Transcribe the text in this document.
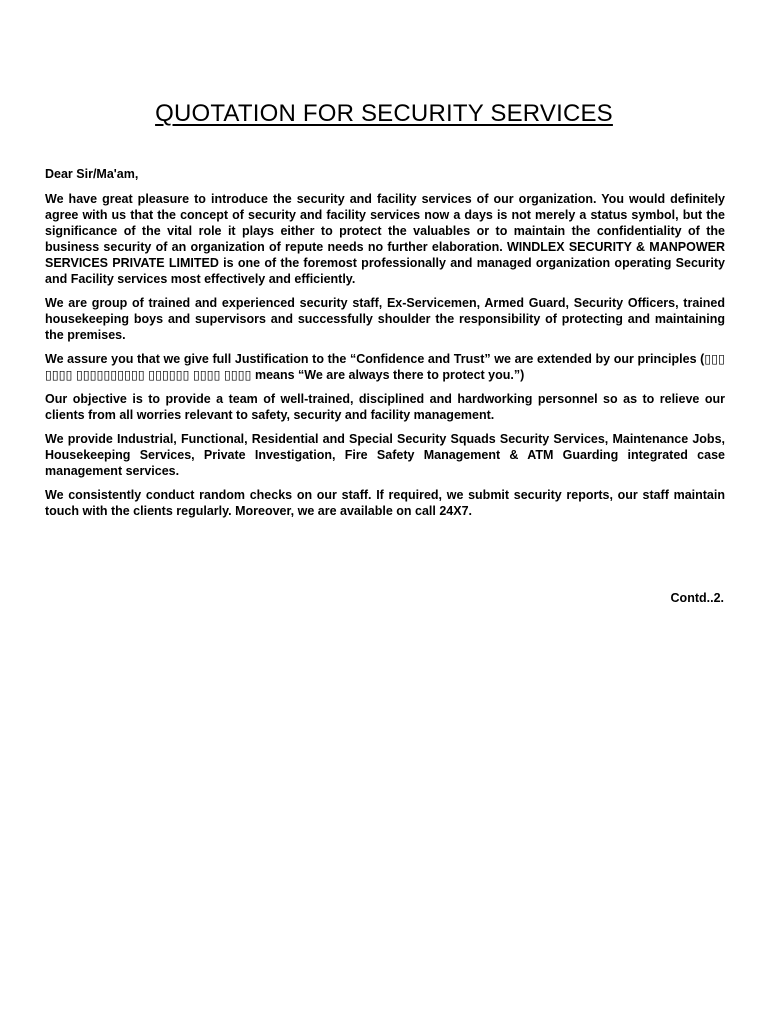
QUOTATION FOR SECURITY SERVICES

Dear Sir/Ma'am,

We have great pleasure to introduce the security and facility services of our organization. You would definitely agree with us that the concept of security and facility services now a days is not merely a status symbol, but the significance of the vital role it plays either to protect the valuables or to maintain the confidentiality of the business security of an organization of repute needs no further elaboration. WINDLEX SECURITY & MANPOWER SERVICES PRIVATE LIMITED is one of the foremost professionally and managed organization operating Security and Facility services most effectively and efficiently.

We are group of trained and experienced security staff, Ex-Servicemen, Armed Guard, Security Officers, trained housekeeping boys and supervisors and successfully shoulder the responsibility of protecting and maintaining the premises.

We assure you that we give full Justification to the “Confidence and Trust” we are extended by our principles (▯▯▯ ▯▯▯▯ ▯▯▯▯▯▯▯▯▯▯ ▯▯▯▯▯▯ ▯▯▯▯ ▯▯▯▯ means “We are always there to protect you.”)

Our objective is to provide a team of well-trained, disciplined and hardworking personnel so as to relieve our clients from all worries relevant to safety, security and facility management.

We provide Industrial, Functional, Residential and Special Security Squads Security Services, Maintenance Jobs, Housekeeping Services, Private Investigation, Fire Safety Management & ATM Guarding integrated case management services.

We consistently conduct random checks on our staff. If required, we submit security reports, our staff maintain touch with the clients regularly. Moreover, we are available on call 24X7.

Contd..2.
